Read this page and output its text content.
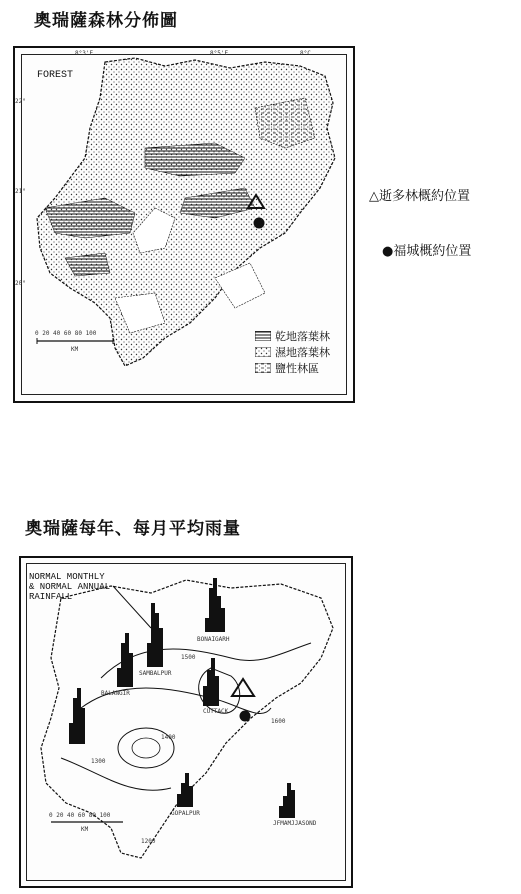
奧瑞薩森林分佈圖
FOREST
8°3'E	8°5'E	8°C
22°
21°
20°
0 20 40 60 80 100
KM
乾地落葉林
濕地落葉林
鹽性林區
△逝多林概約位置
●福城概約位置
奧瑞薩每年、每月平均雨量
NORMAL MONTHLY
& NORMAL ANNUAL
RAINFALL
BALANGIR
SAMBALPUR
BONAIGARH
CUTTACK
GOPALPUR
1500
1400
1300
1200
1600
0 20 40 60 80 100
KM
JFMAMJJASOND
